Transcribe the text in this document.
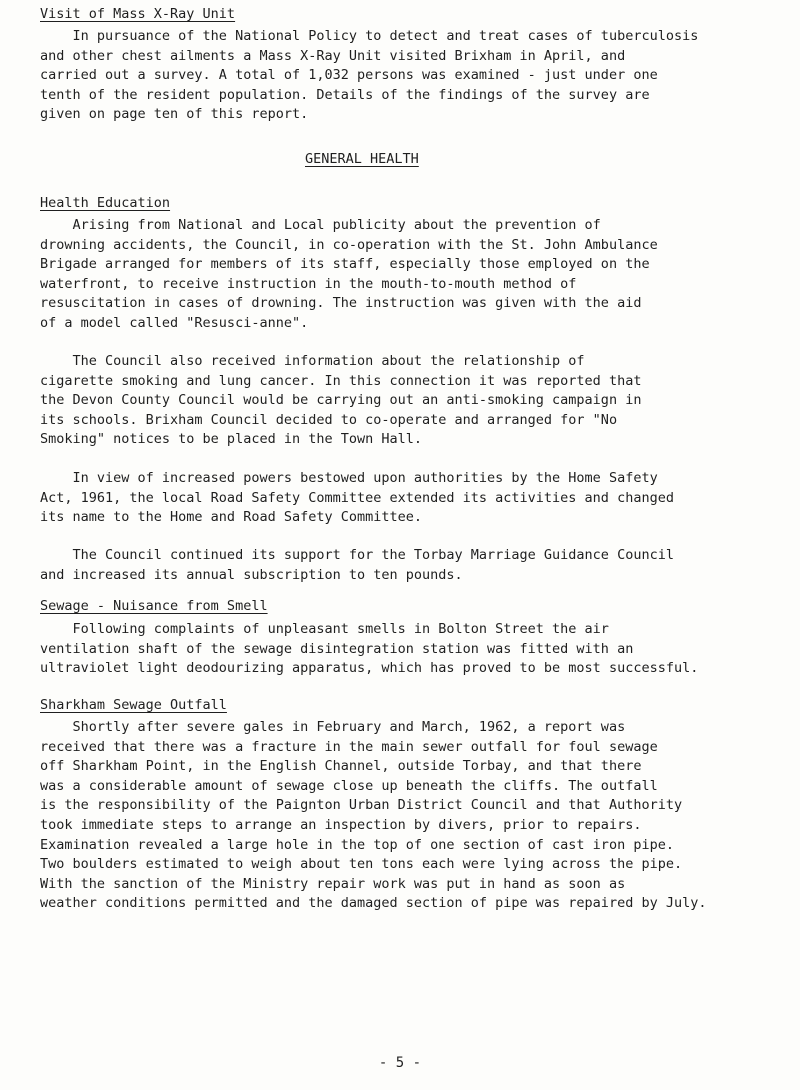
Visit of Mass X-Ray Unit
In pursuance of the National Policy to detect and treat cases of tuberculosis
and other chest ailments a Mass X-Ray Unit visited Brixham in April, and
carried out a survey. A total of 1,032 persons was examined - just under one
tenth of the resident population. Details of the findings of the survey are
given on page ten of this report.
GENERAL HEALTH
Health Education
Arising from National and Local publicity about the prevention of
drowning accidents, the Council, in co-operation with the St. John Ambulance
Brigade arranged for members of its staff, especially those employed on the
waterfront, to receive instruction in the mouth-to-mouth method of
resuscitation in cases of drowning. The instruction was given with the aid
of a model called "Resusci-anne".
The Council also received information about the relationship of
cigarette smoking and lung cancer. In this connection it was reported that
the Devon County Council would be carrying out an anti-smoking campaign in
its schools. Brixham Council decided to co-operate and arranged for "No
Smoking" notices to be placed in the Town Hall.
In view of increased powers bestowed upon authorities by the Home Safety
Act, 1961, the local Road Safety Committee extended its activities and changed
its name to the Home and Road Safety Committee.
The Council continued its support for the Torbay Marriage Guidance Council
and increased its annual subscription to ten pounds.
Sewage - Nuisance from Smell
Following complaints of unpleasant smells in Bolton Street the air
ventilation shaft of the sewage disintegration station was fitted with an
ultraviolet light deodourizing apparatus, which has proved to be most successful.
Sharkham Sewage Outfall
Shortly after severe gales in February and March, 1962, a report was
received that there was a fracture in the main sewer outfall for foul sewage
off Sharkham Point, in the English Channel, outside Torbay, and that there
was a considerable amount of sewage close up beneath the cliffs. The outfall
is the responsibility of the Paignton Urban District Council and that Authority
took immediate steps to arrange an inspection by divers, prior to repairs.
Examination revealed a large hole in the top of one section of cast iron pipe.
Two boulders estimated to weigh about ten tons each were lying across the pipe.
With the sanction of the Ministry repair work was put in hand as soon as
weather conditions permitted and the damaged section of pipe was repaired by July.
- 5 -
